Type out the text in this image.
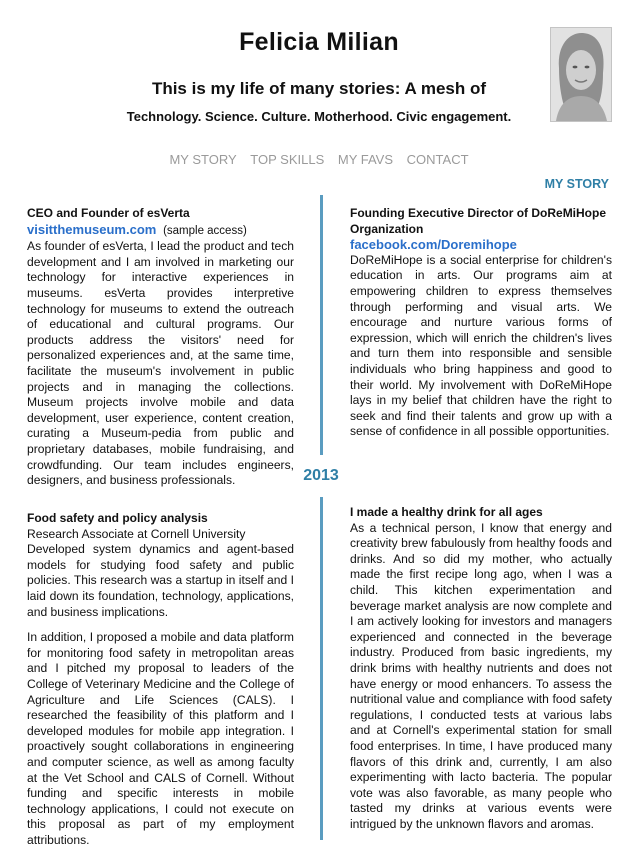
Felicia Milian
This is my life of many stories: A mesh of
Technology. Science. Culture. Motherhood. Civic engagement.
MY STORY TOP SKILLS MY FAVS CONTACT
MY STORY
2013
CEO and Founder of esVerta
visitthemuseum.com (sample access)

As founder of esVerta, I lead the product and tech development and I am involved in marketing our technology for interactive experiences in museums. esVerta provides interpretive technology for museums to extend the outreach of educational and cultural programs. Our products address the visitors' need for personalized experiences and, at the same time, facilitate the museum's involvement in public projects and in managing the collections. Museum projects involve mobile and data development, user experience, content creation, curating a Museum-pedia from public and proprietary databases, mobile fundraising, and crowdfunding. Our team includes engineers, designers, and business professionals.

Founding Executive Director of DoReMiHope Organization
facebook.com/Doremihope

DoReMiHope is a social enterprise for children's education in arts. Our programs aim at empowering children to express themselves through performing and visual arts. We encourage and nurture various forms of expression, which will enrich the children's lives and turn them into responsible and sensible individuals who bring happiness and good to their world. My involvement with DoReMiHope lays in my belief that children have the right to seek and find their talents and grow up with a sense of confidence in all possible opportunities.

Food safety and policy analysis
Research Associate at Cornell University

Developed system dynamics and agent-based models for studying food safety and public policies. This research was a startup in itself and I laid down its foundation, technology, applications, and business implications.

In addition, I proposed a mobile and data platform for monitoring food safety in metropolitan areas and I pitched my proposal to leaders of the College of Veterinary Medicine and the College of Agriculture and Life Sciences (CALS). I researched the feasibility of this platform and I developed modules for mobile app integration. I proactively sought collaborations in engineering and computer science, as well as among faculty at the Vet School and CALS of Cornell. Without funding and specific interests in mobile technology applications, I could not execute on this proposal as part of my employment attributions.

I made a healthy drink for all ages

As a technical person, I know that energy and creativity brew fabulously from healthy foods and drinks. And so did my mother, who actually made the first recipe long ago, when I was a child. This kitchen experimentation and beverage market analysis are now complete and I am actively looking for investors and managers experienced and connected in the beverage industry. Produced from basic ingredients, my drink brims with healthy nutrients and does not have energy or mood enhancers. To assess the nutritional value and compliance with food safety regulations, I conducted tests at various labs and at Cornell's experimental station for small food enterprises. In time, I have produced many flavors of this drink and, currently, I am also experimenting with lacto bacteria. The popular vote was also favorable, as many people who tasted my drinks at various events were intrigued by the unknown flavors and aromas.
